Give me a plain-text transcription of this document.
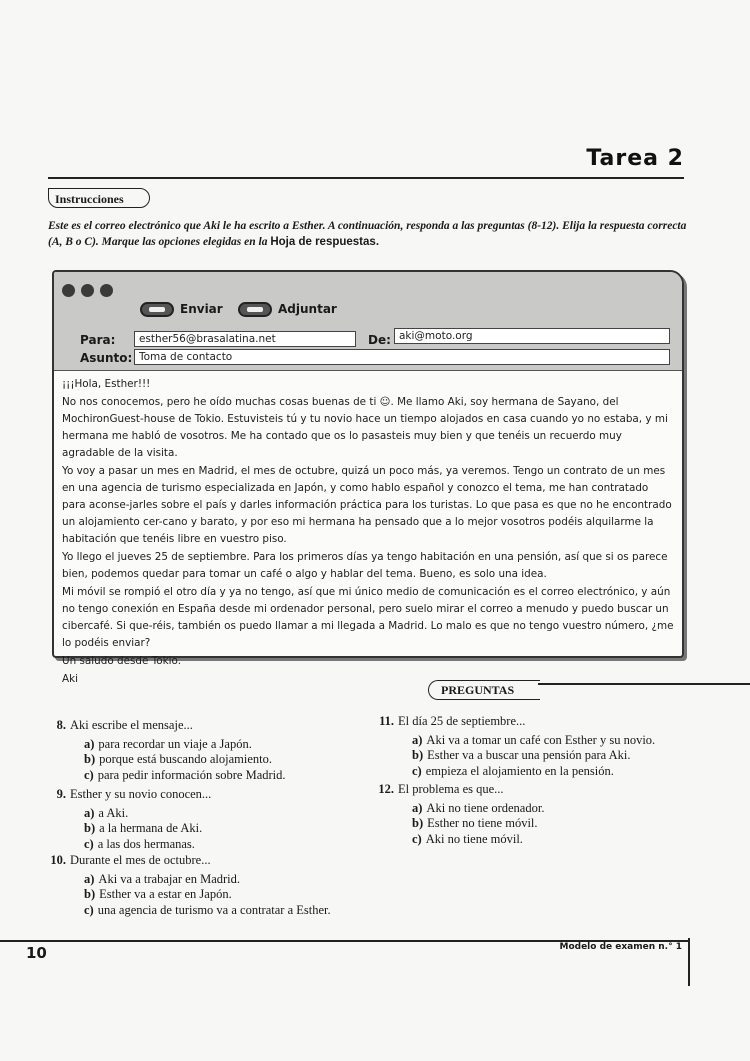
Tarea 2
Instrucciones
Este es el correo electrónico que Aki le ha escrito a Esther. A continuación, responda a las preguntas (8-12). Elija la respuesta correcta (A, B o C). Marque las opciones elegidas en la Hoja de respuestas.
Enviar	Adjuntar
Para:	esther56@brasalatina.net	De: aki@moto.org
Asunto: Toma de contacto

¡¡¡Hola, Esther!!!

No nos conocemos, pero he oído muchas cosas buenas de ti ☺. Me llamo Aki, soy hermana de Sayano, del MochironGuest-house de Tokio. Estuvisteis tú y tu novio hace un tiempo alojados en casa cuando yo no estaba, y mi hermana me habló de vosotros. Me ha contado que os lo pasasteis muy bien y que tenéis un recuerdo muy agradable de la visita.

Yo voy a pasar un mes en Madrid, el mes de octubre, quizá un poco más, ya veremos. Tengo un contrato de un mes en una agencia de turismo especializada en Japón, y como hablo español y conozco el tema, me han contratado para aconse-jarles sobre el país y darles información práctica para los turistas. Lo que pasa es que no he encontrado un alojamiento cer-cano y barato, y por eso mi hermana ha pensado que a lo mejor vosotros podéis alquilarme la habitación que tenéis libre en vuestro piso.

Yo llego el jueves 25 de septiembre. Para los primeros días ya tengo habitación en una pensión, así que si os parece bien, podemos quedar para tomar un café o algo y hablar del tema. Bueno, es solo una idea.

Mi móvil se rompió el otro día y ya no tengo, así que mi único medio de comunicación es el correo electrónico, y aún no tengo conexión en España desde mi ordenador personal, pero suelo mirar el correo a menudo y puedo buscar un cibercafé. Si que-réis, también os puedo llamar a mi llegada a Madrid. Lo malo es que no tengo vuestro número, ¿me lo podéis enviar?

Un saludo desde Tokio.

Aki

PREGUNTAS
8. Aki escribe el mensaje...
a) para recordar un viaje a Japón.
b) porque está buscando alojamiento.
c) para pedir información sobre Madrid.
9. Esther y su novio conocen...
a) a Aki.
b) a la hermana de Aki.
c) a las dos hermanas.
10. Durante el mes de octubre...
a) Aki va a trabajar en Madrid.
b) Esther va a estar en Japón.
c) una agencia de turismo va a contratar a Esther.
11. El día 25 de septiembre...
a) Aki va a tomar un café con Esther y su novio.
b) Esther va a buscar una pensión para Aki.
c) empieza el alojamiento en la pensión.
12. El problema es que...
a) Aki no tiene ordenador.
b) Esther no tiene móvil.
c) Aki no tiene móvil.
10	Modelo de examen n.° 1
